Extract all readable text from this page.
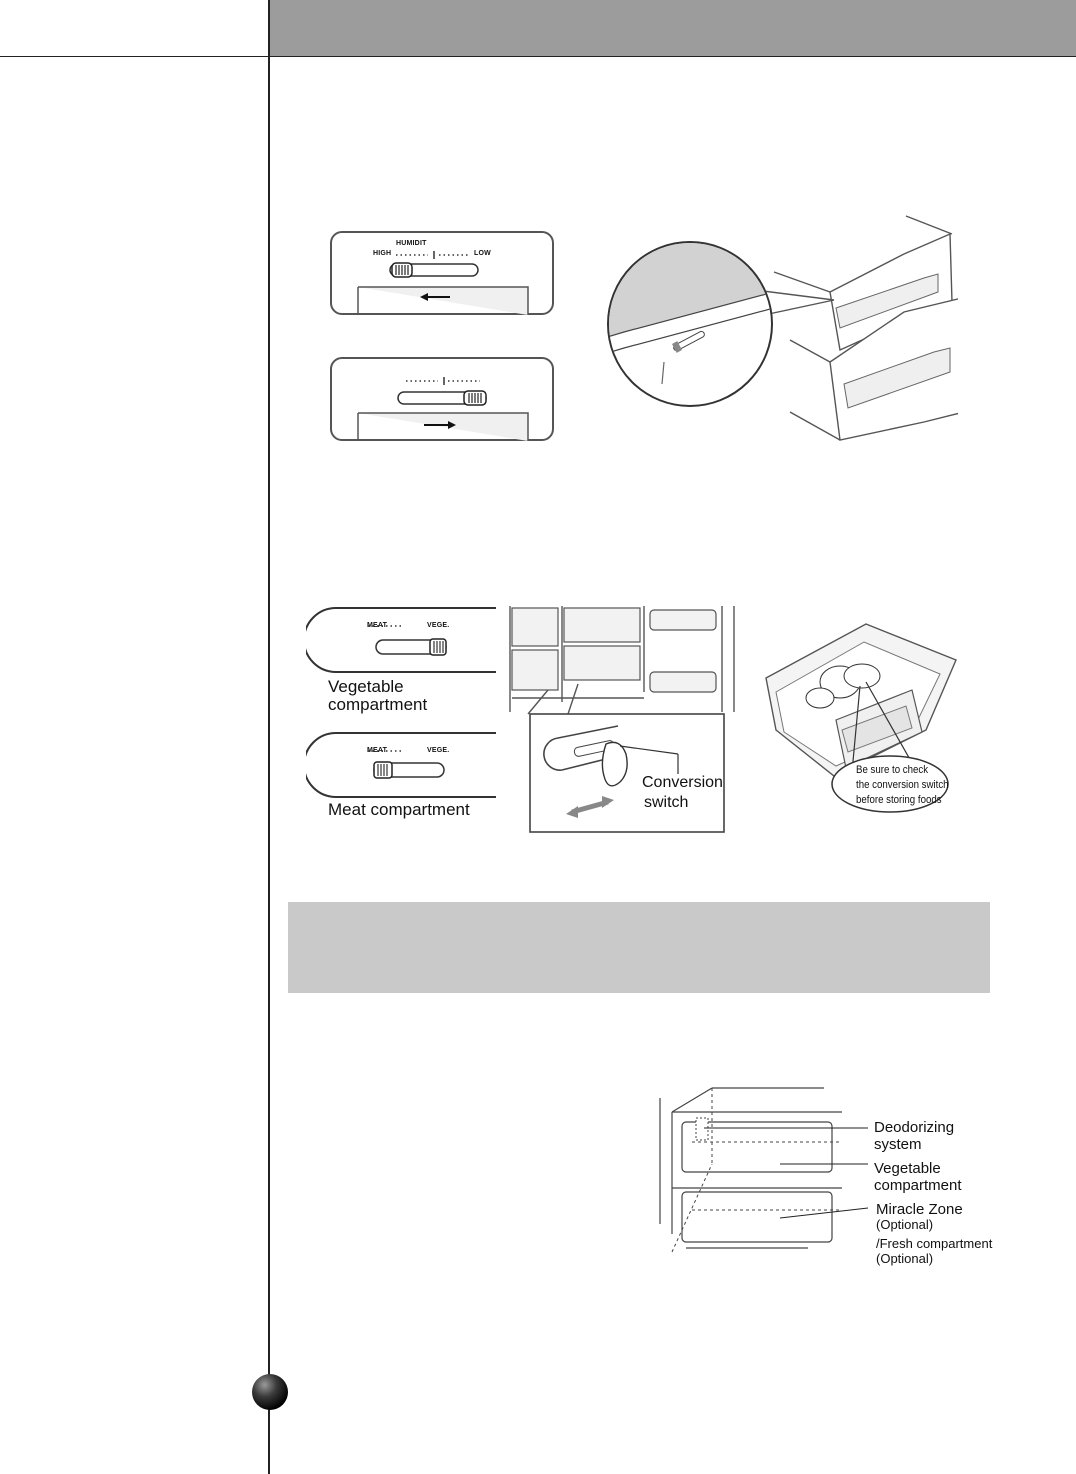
HUMIDIT
HIGH	LOW
MEAT	VEGE.
Vegetable
compartment
MEAT	VEGE.
Meat compartment
Conversion
switch
Be sure to check
the conversion switch
before storing foods
Deodorizing
system
Vegetable
compartment
Miracle Zone
(Optional)
/Fresh compartment
(Optional)
